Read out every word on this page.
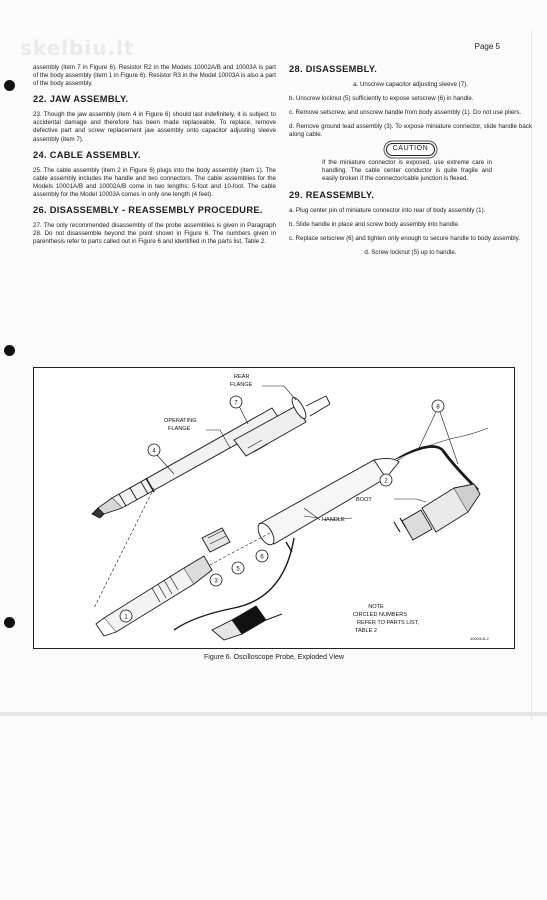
skelbiu.lt	Page 5

assembly (item 7 in Figure 6). Resistor R2 in the Models 10002A/B and 10003A is part of the body assembly (item 1 in Figure 6). Resistor R3 in the Model 10003A is also a part of the body assembly.

22. JAW ASSEMBLY.

23. Though the jaw assembly (item 4 in Figure 6) should last indefinitely, it is subject to accidental damage and therefore has been made replaceable. To replace, remove defective part and screw replacement jaw assembly onto capacitor adjusting sleeve assembly (item 7).

24. CABLE ASSEMBLY.

25. The cable assembly (item 2 in Figure 6) plugs into the body assembly (item 1). The cable assembly includes the handle and two connectors. The cable assemblies for the Models 10001A/B and 10002A/B come in two lengths: 5-foot and 10-foot. The cable assembly for the Model 10003A comes in only one length (4 feet).

26. DISASSEMBLY - REASSEMBLY PROCEDURE.

27. The only recommended disassembly of the probe assemblies is given in Paragraph 28. Do not disassemble beyond the point shown in Figure 6. The numbers given in parenthesis refer to parts called out in Figure 6 and identified in the parts list, Table 2.

28. DISASSEMBLY.

a. Unscrew capacitor adjusting sleeve (7).

b. Unscrew locknut (5) sufficiently to expose setscrew (6) in handle.

c. Remove setscrew, and unscrew handle from body assembly (1). Do not use pliers.

d. Remove ground lead assembly (3). To expose miniature connector, slide handle back along cable.

CAUTION
If the miniature connector is exposed, use extreme care in handling. The cable center conductor is quite fragile and easily broken if the connector/cable junction is flexed.
29. REASSEMBLY.

a. Plug center pin of miniature connector into rear of body assembly (1).

b. Slide handle in place and screw body assembly into handle.

c. Replace setscrew (6) and tighten only enough to secure handle to body assembly.

d. Screw locknut (5) up to handle.

7
4
2
5
6
3
1
8
REAR
FLANGE
OPERATING
FLANGE
BOOT
HANDLE
NOTE
CIRCLED NUMBERS
REFER TO PARTS LIST,
TABLE 2
10003-B-2
Figure 6. Oscilloscope Probe, Exploded View
